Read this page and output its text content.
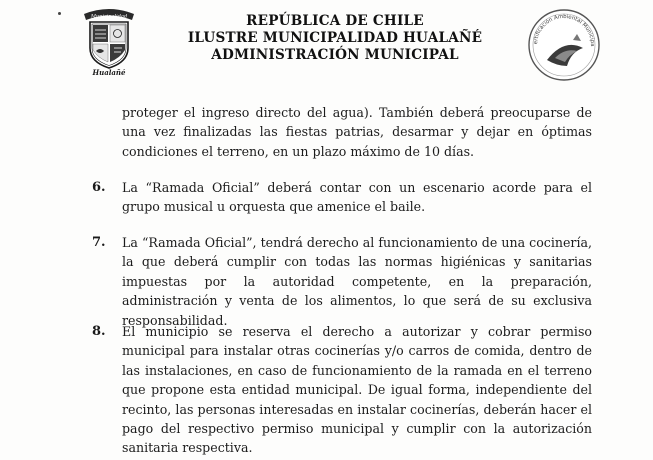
Municipalidad
Hualañé
REPÚBLICA DE CHILE
ILUSTRE MUNICIPALIDAD HUALAÑÉ
ADMINISTRACIÓN MUNICIPAL
Certificación Ambiental Municipa
proteger el ingreso directo del agua). También deberá preocuparse de una vez finalizadas las fiestas patrias, desarmar y dejar en óptimas condiciones el terreno, en un plazo máximo de 10 días.
6. La “Ramada Oficial” deberá contar con un escenario acorde para el grupo musical u orquesta que amenice el baile.
7. La “Ramada Oficial”, tendrá derecho al funcionamiento de una cocinería, la que deberá cumplir con todas las normas higiénicas y sanitarias impuestas por la autoridad competente, en la preparación, administración y venta de los alimentos, lo que será de su exclusiva responsabilidad.
8. El municipio se reserva el derecho a autorizar y cobrar permiso municipal para instalar otras cocinerías y/o carros de comida, dentro de las instalaciones, en caso de funcionamiento de la ramada en el terreno que propone esta entidad municipal. De igual forma, independiente del recinto, las personas interesadas en instalar cocinerías, deberán hacer el pago del respectivo permiso municipal y cumplir con la autorización sanitaria respectiva.
